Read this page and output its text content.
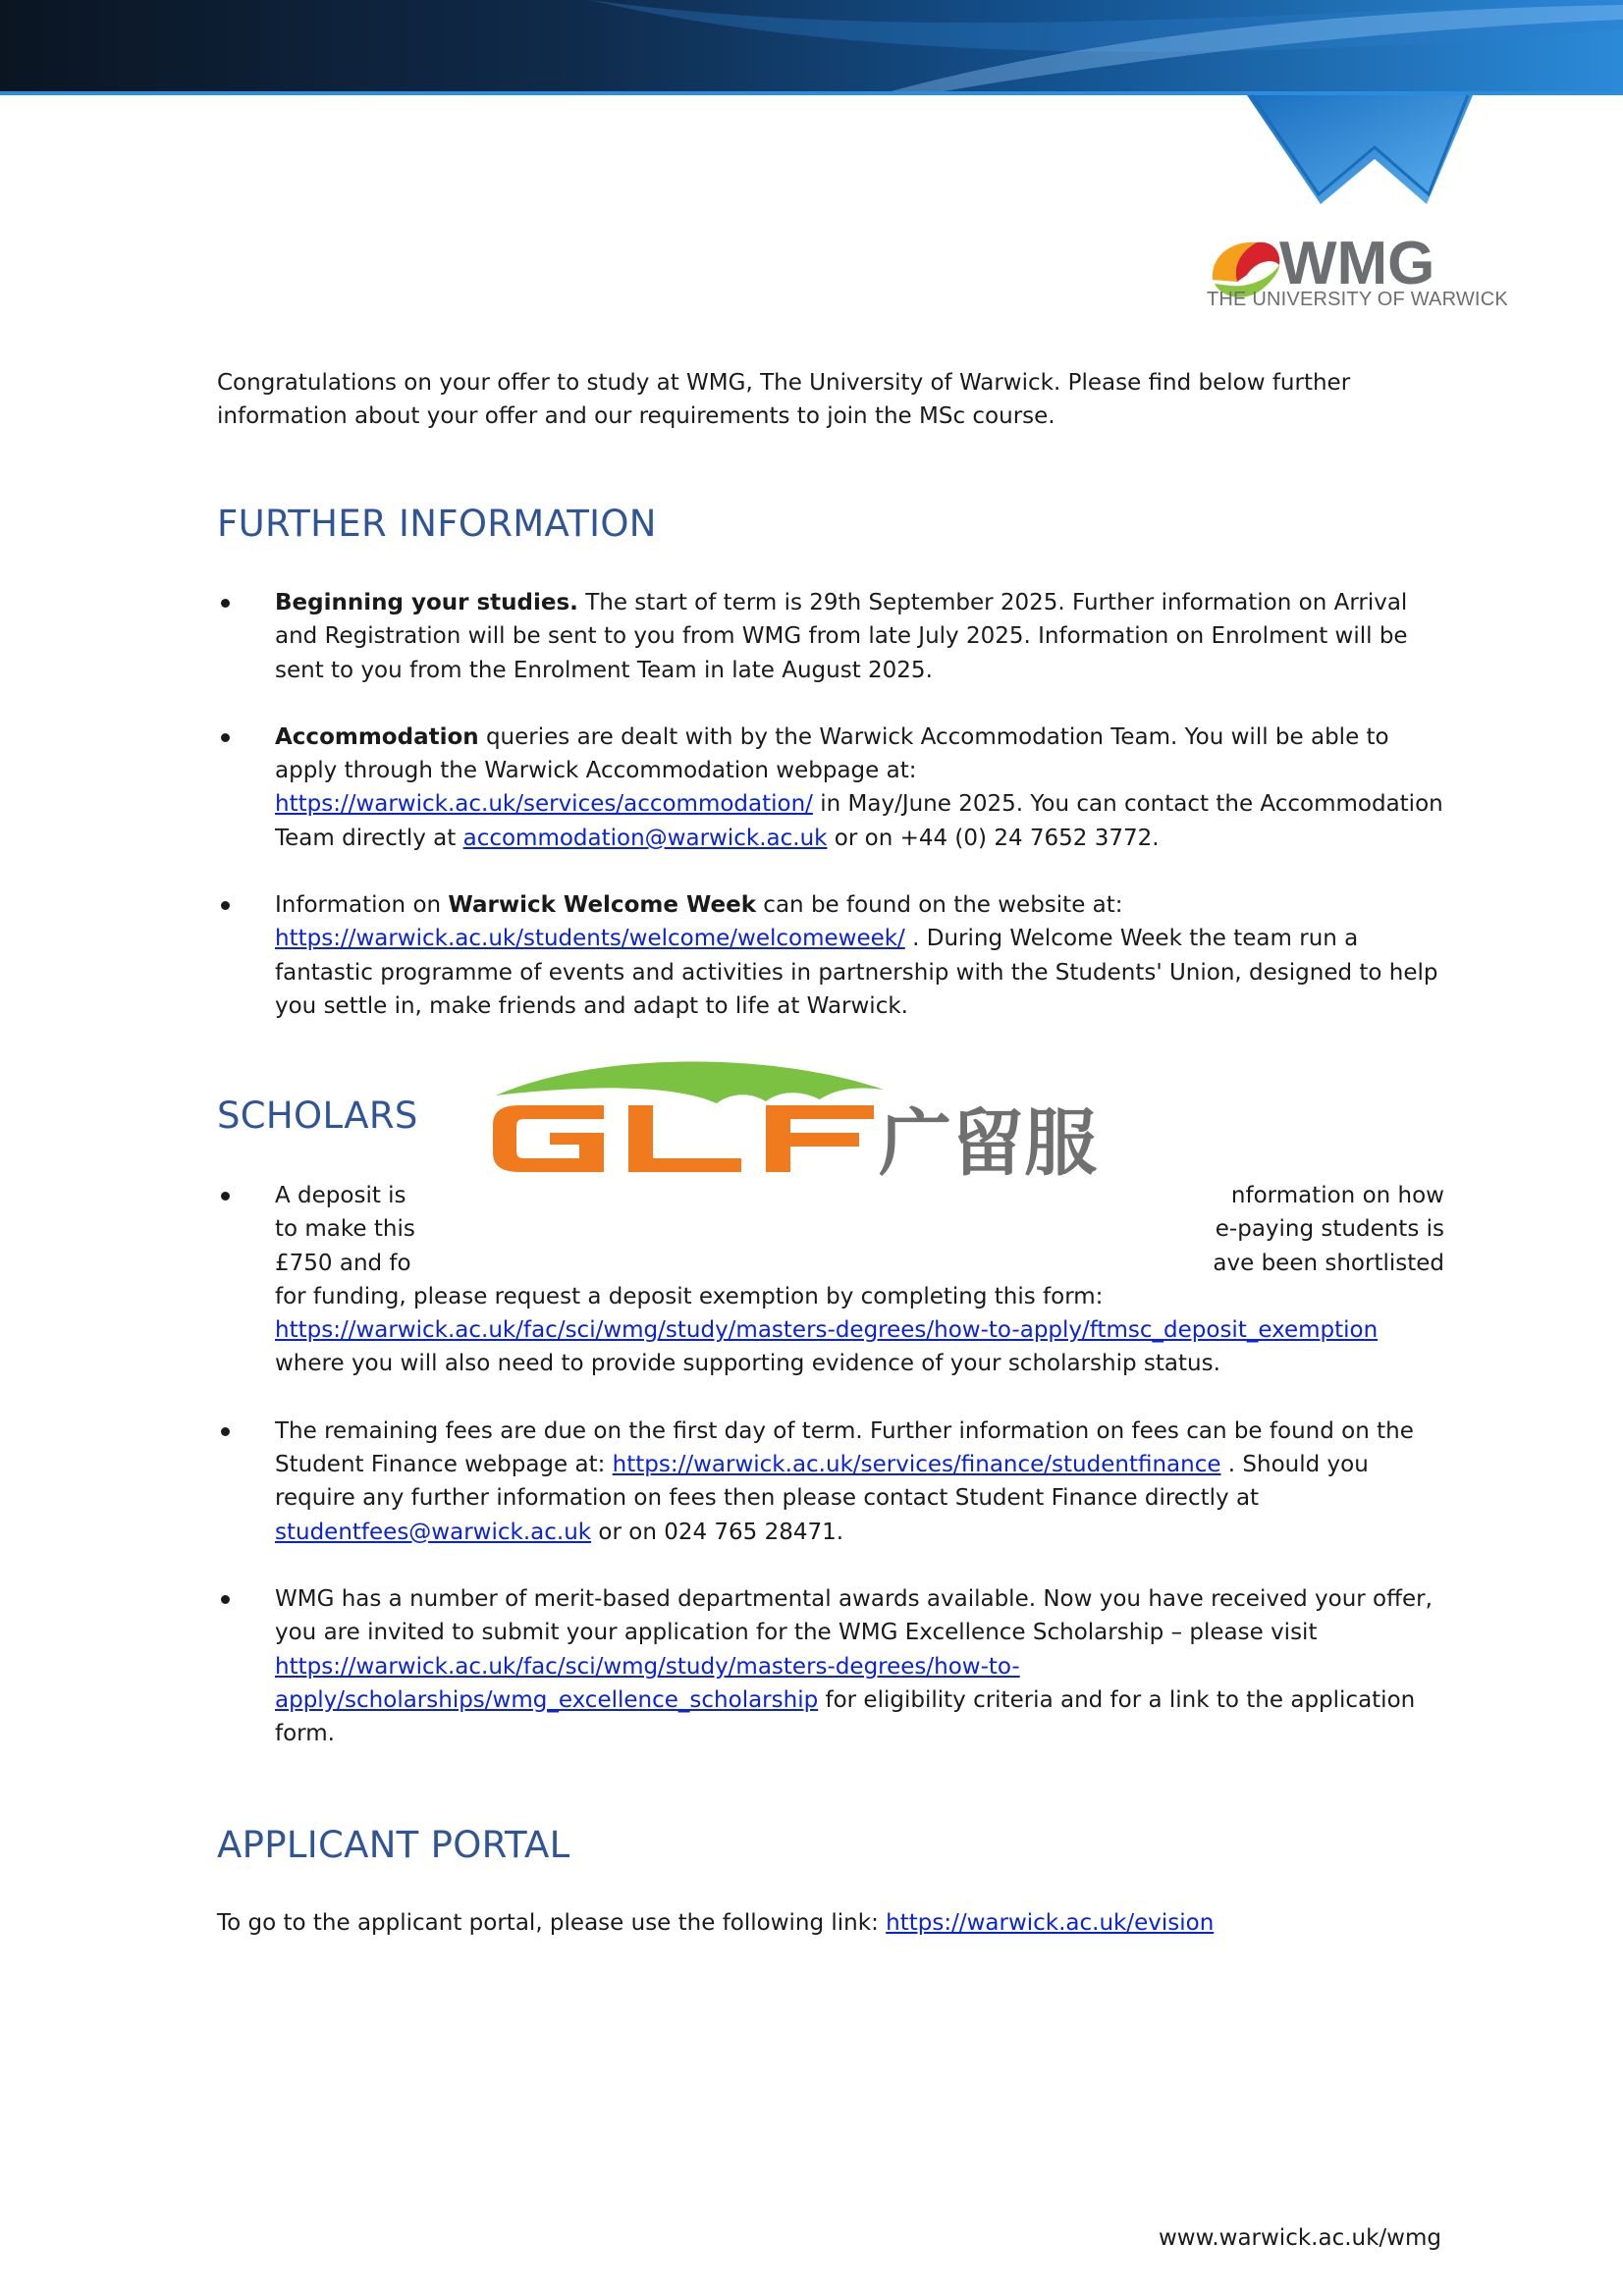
WMG
THE UNIVERSITY OF WARWICK

Congratulations on your offer to study at WMG, The University of Warwick. Please find below further information about your offer and our requirements to join the MSc course.

FURTHER INFORMATION
Beginning your studies. The start of term is 29th September 2025. Further information on Arrival and Registration will be sent to you from WMG from late July 2025. Information on Enrolment will be sent to you from the Enrolment Team in late August 2025.
Accommodation queries are dealt with by the Warwick Accommodation Team. You will be able to apply through the Warwick Accommodation webpage at: https://warwick.ac.uk/services/accommodation/ in May/June 2025. You can contact the Accommodation Team directly at accommodation@warwick.ac.uk or on +44 (0) 24 7652 3772.
Information on Warwick Welcome Week can be found on the website at: https://warwick.ac.uk/students/welcome/welcomeweek/ . During Welcome Week the team run a fantastic programme of events and activities in partnership with the Students' Union, designed to help you settle in, make friends and adapt to life at Warwick.
SCHOLARS
A deposit is	nformation on how
to make this	e-paying students is
£750 and fo	ave been shortlisted
for funding, please request a deposit exemption by completing this form: https://warwick.ac.uk/fac/sci/wmg/study/masters-degrees/how-to-apply/ftmsc_deposit_exemption where you will also need to provide supporting evidence of your scholarship status.
The remaining fees are due on the first day of term. Further information on fees can be found on the Student Finance webpage at: https://warwick.ac.uk/services/finance/studentfinance . Should you require any further information on fees then please contact Student Finance directly at studentfees@warwick.ac.uk or on 024 765 28471.
WMG has a number of merit-based departmental awards available. Now you have received your offer, you are invited to submit your application for the WMG Excellence Scholarship – please visit https://warwick.ac.uk/fac/sci/wmg/study/masters-degrees/how-to-apply/scholarships/wmg_excellence_scholarship for eligibility criteria and for a link to the application form.
APPLICANT PORTAL

To go to the applicant portal, please use the following link: https://warwick.ac.uk/evision

广留服
www.warwick.ac.uk/wmg
